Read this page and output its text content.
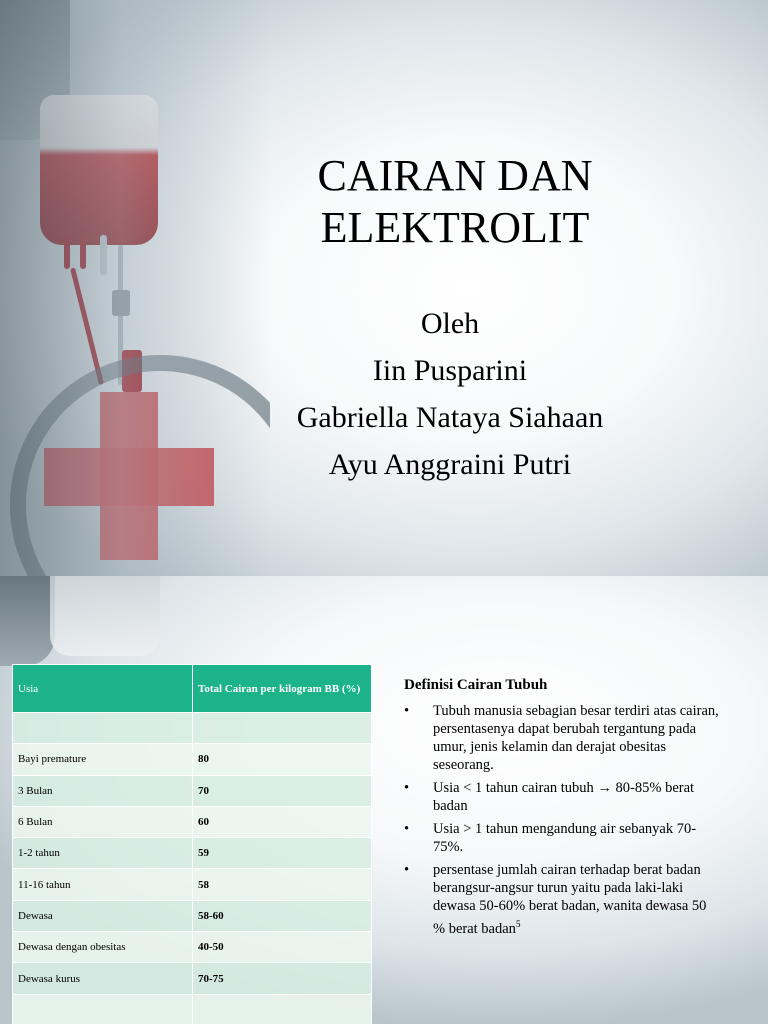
CAIRAN DAN
ELEKTROLIT
Oleh
Iin Pusparini
Gabriella Nataya Siahaan
Ayu Anggraini Putri
Usia	Total Cairan per kilogram BB (%)

Bayi premature	80
3 Bulan	70
6 Bulan	60
1-2 tahun	59
11-16 tahun	58
Dewasa	58-60
Dewasa dengan obesitas	40-50
Dewasa kurus	70-75

Definisi Cairan Tubuh
• Tubuh manusia sebagian besar terdiri atas cairan, persentasenya dapat berubah tergantung pada umur, jenis kelamin dan derajat obesitas seseorang.
• Usia < 1 tahun cairan tubuh → 80-85% berat badan
• Usia > 1 tahun mengandung air sebanyak 70-75%.
• persentase jumlah cairan terhadap berat badan berangsur-angsur turun yaitu pada laki-laki dewasa 50-60% berat badan, wanita dewasa 50 % berat badan$^5$
